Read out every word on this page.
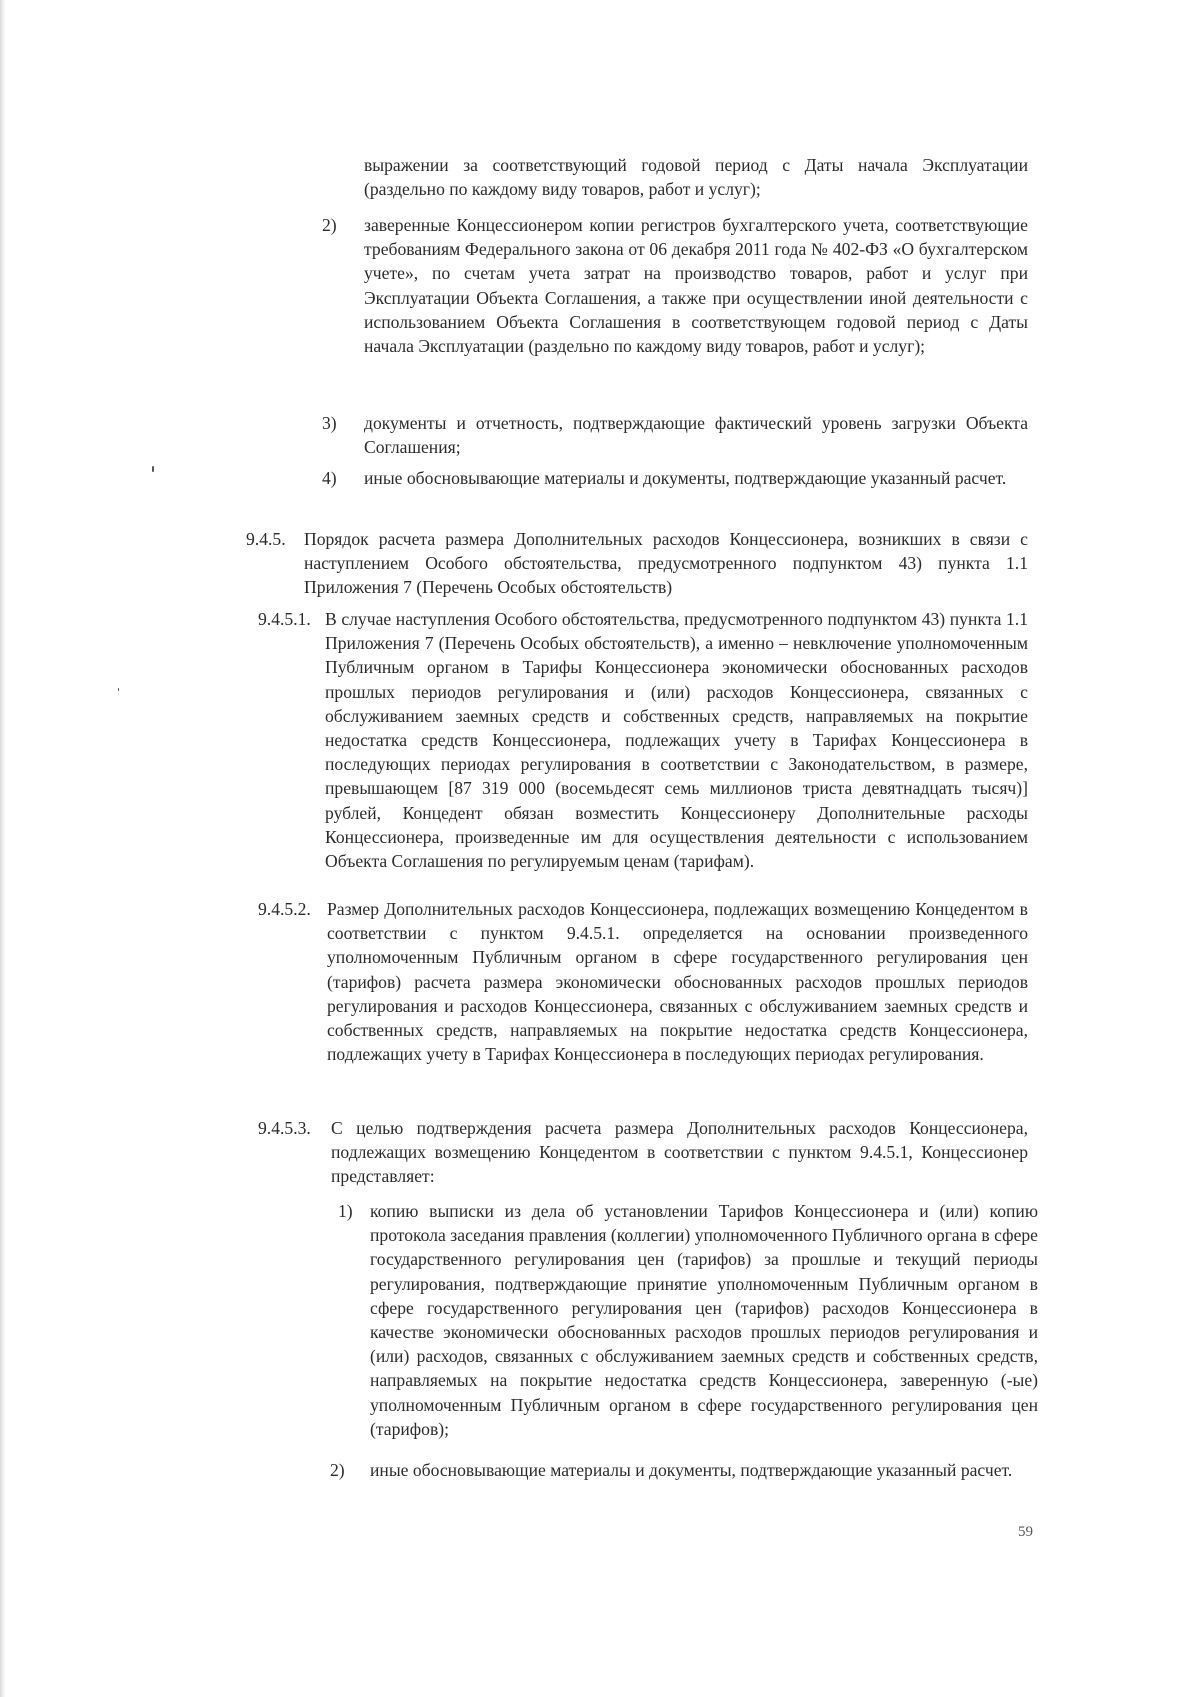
выражении за соответствующий годовой период с Даты начала Эксплуатации (раздельно по каждому виду товаров, работ и услуг);
2) заверенные Концессионером копии регистров бухгалтерского учета, соответствующие требованиям Федерального закона от 06 декабря 2011 года № 402-ФЗ «О бухгалтерском учете», по счетам учета затрат на производство товаров, работ и услуг при Эксплуатации Объекта Соглашения, а также при осуществлении иной деятельности с использованием Объекта Соглашения в соответствующем годовой период с Даты начала Эксплуатации (раздельно по каждому виду товаров, работ и услуг);
3) документы и отчетность, подтверждающие фактический уровень загрузки Объекта Соглашения;
4) иные обосновывающие материалы и документы, подтверждающие указанный расчет.
9.4.5. Порядок расчета размера Дополнительных расходов Концессионера, возникших в связи с наступлением Особого обстоятельства, предусмотренного подпунктом 43) пункта 1.1 Приложения 7 (Перечень Особых обстоятельств)
9.4.5.1. В случае наступления Особого обстоятельства, предусмотренного подпунктом 43) пункта 1.1 Приложения 7 (Перечень Особых обстоятельств), а именно – невключение уполномоченным Публичным органом в Тарифы Концессионера экономически обоснованных расходов прошлых периодов регулирования и (или) расходов Концессионера, связанных с обслуживанием заемных средств и собственных средств, направляемых на покрытие недостатка средств Концессионера, подлежащих учету в Тарифах Концессионера в последующих периодах регулирования в соответствии с Законодательством, в размере, превышающем [87 319 000 (восемьдесят семь миллионов триста девятнадцать тысяч)] рублей, Концедент обязан возместить Концессионеру Дополнительные расходы Концессионера, произведенные им для осуществления деятельности с использованием Объекта Соглашения по регулируемым ценам (тарифам).
9.4.5.2. Размер Дополнительных расходов Концессионера, подлежащих возмещению Концедентом в соответствии с пунктом 9.4.5.1. определяется на основании произведенного уполномоченным Публичным органом в сфере государственного регулирования цен (тарифов) расчета размера экономически обоснованных расходов прошлых периодов регулирования и расходов Концессионера, связанных с обслуживанием заемных средств и собственных средств, направляемых на покрытие недостатка средств Концессионера, подлежащих учету в Тарифах Концессионера в последующих периодах регулирования.
9.4.5.3. С целью подтверждения расчета размера Дополнительных расходов Концессионера, подлежащих возмещению Концедентом в соответствии с пунктом 9.4.5.1, Концессионер представляет:
1) копию выписки из дела об установлении Тарифов Концессионера и (или) копию протокола заседания правления (коллегии) уполномоченного Публичного органа в сфере государственного регулирования цен (тарифов) за прошлые и текущий периоды регулирования, подтверждающие принятие уполномоченным Публичным органом в сфере государственного регулирования цен (тарифов) расходов Концессионера в качестве экономически обоснованных расходов прошлых периодов регулирования и (или) расходов, связанных с обслуживанием заемных средств и собственных средств, направляемых на покрытие недостатка средств Концессионера, заверенную (-ые) уполномоченным Публичным органом в сфере государственного регулирования цен (тарифов);
2) иные обосновывающие материалы и документы, подтверждающие указанный расчет.
59
